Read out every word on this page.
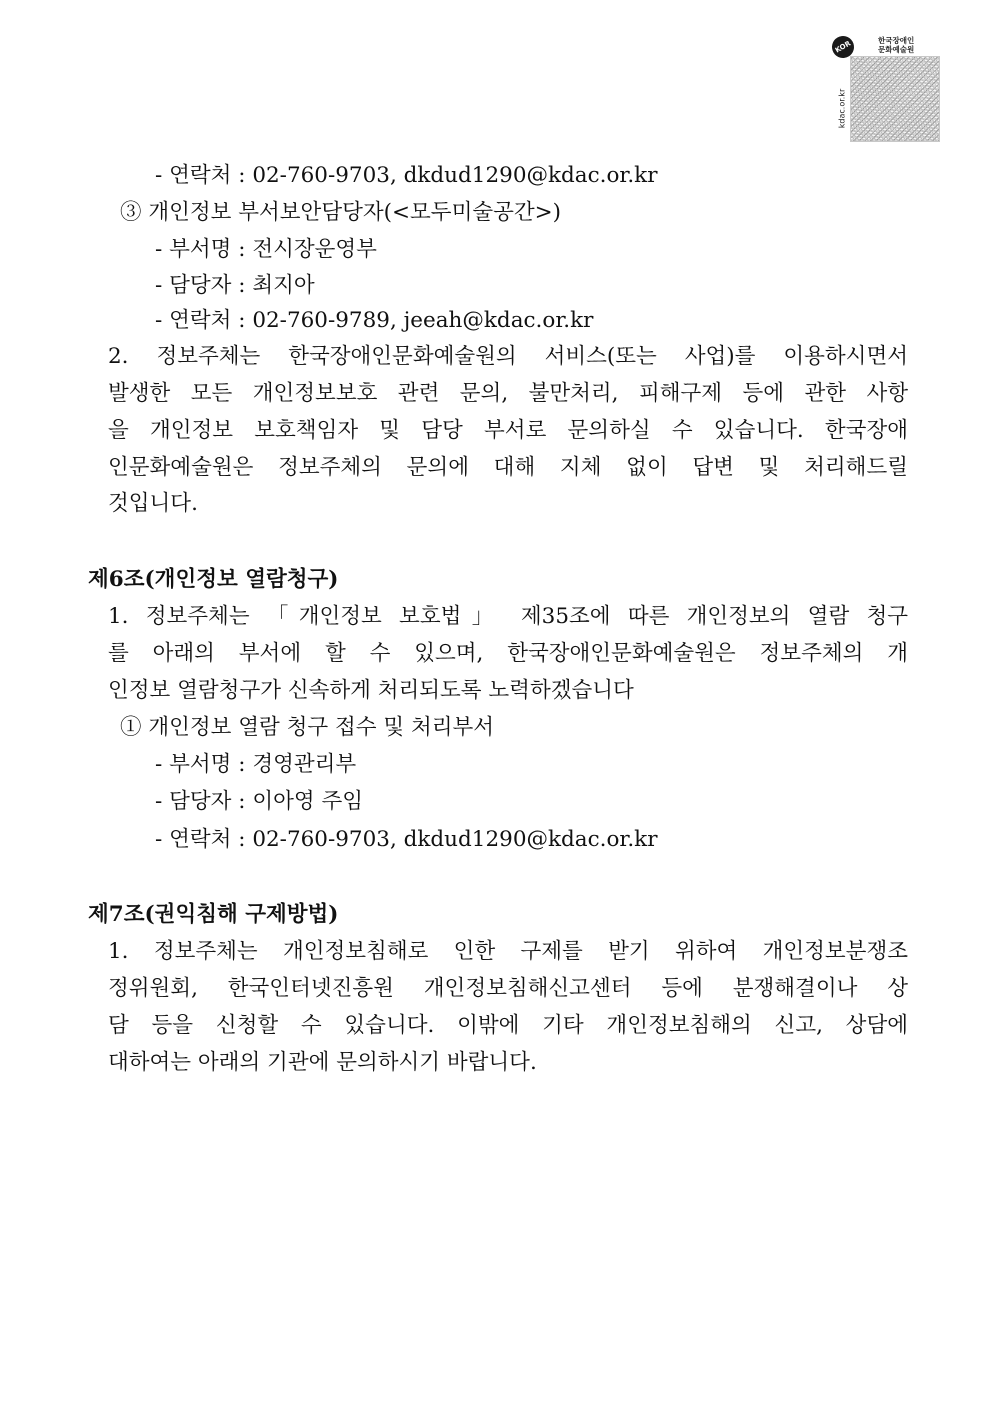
KOR	한국장애인
문화예술원
kdac.or.kr
- 연락처 : 02-760-9703, dkdud1290@kdac.or.kr
③ 개인정보 부서보안담당자(<모두미술공간>)
- 부서명 : 전시장운영부
- 담당자 : 최지아
- 연락처 : 02-760-9789, jeeah@kdac.or.kr
2. 정보주체는 한국장애인문화예술원의 서비스(또는 사업)를 이용하시면서
발생한 모든 개인정보보호 관련 문의, 불만처리, 피해구제 등에 관한 사항
을 개인정보 보호책임자 및 담당 부서로 문의하실 수 있습니다. 한국장애
인문화예술원은 정보주체의 문의에 대해 지체 없이 답변 및 처리해드릴
것입니다.
제6조(개인정보 열람청구)
1. 정보주체는 「개인정보 보호법」 제35조에 따른 개인정보의 열람 청구
를 아래의 부서에 할 수 있으며, 한국장애인문화예술원은 정보주체의 개
인정보 열람청구가 신속하게 처리되도록 노력하겠습니다
① 개인정보 열람 청구 접수 및 처리부서
- 부서명 : 경영관리부
- 담당자 : 이아영 주임
- 연락처 : 02-760-9703, dkdud1290@kdac.or.kr
제7조(권익침해 구제방법)
1. 정보주체는 개인정보침해로 인한 구제를 받기 위하여 개인정보분쟁조
정위원회, 한국인터넷진흥원 개인정보침해신고센터 등에 분쟁해결이나 상
담 등을 신청할 수 있습니다. 이밖에 기타 개인정보침해의 신고, 상담에
대하여는 아래의 기관에 문의하시기 바랍니다.
